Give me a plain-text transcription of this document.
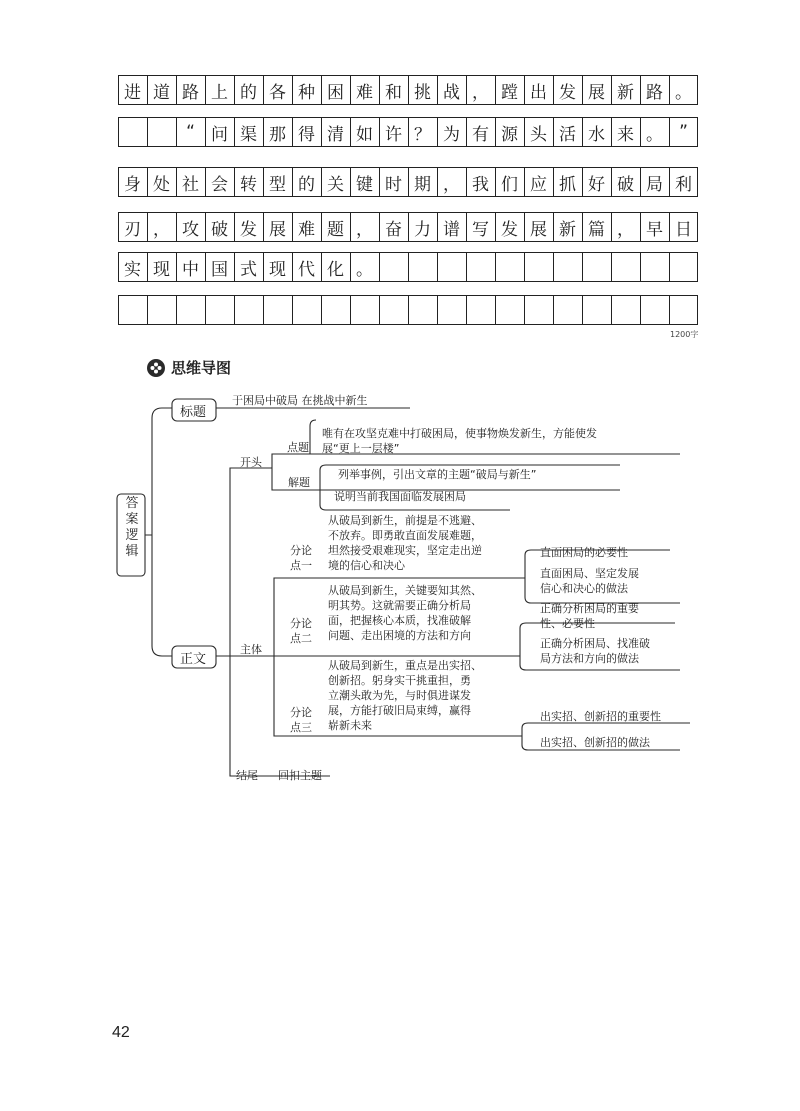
进 道 路 上 的 各 种 困 难 和 挑 战 ， 蹚 出 发 展 新 路 。
“ 问 渠 那 得 清 如 许 ？ 为 有 源 头 活 水 来 。 ”
身 处 社 会 转 型 的 关 键 时 期 ， 我 们 应 抓 好 破 局 利
刃 ， 攻 破 发 展 难 题 ， 奋 力 谱 写 发 展 新 篇 ， 早 日
实 现 中 国 式 现 代 化 。
1200字
思维导图
答案逻辑
标题
于困局中破局 在挑战中新生
正文
开头
点题
唯有在攻坚克难中打破困局，使事物焕发新生，方能使发
展“更上一层楼”
解题
列举事例，引出文章的主题“破局与新生”
说明当前我国面临发展困局
主体
分论
点一
从破局到新生，前提是不逃避、
不放弃。即勇敢直面发展难题，
坦然接受艰难现实，坚定走出逆
境的信心和决心
直面困局的必要性
直面困局、坚定发展
信心和决心的做法
分论
点二
从破局到新生，关键要知其然、
明其势。这就需要正确分析局
面，把握核心本质，找准破解
问题、走出困境的方法和方向
正确分析困局的重要
性、必要性
正确分析困局、找准破
局方法和方向的做法
分论
点三
从破局到新生，重点是出实招、
创新招。躬身实干挑重担，勇
立潮头敢为先，与时俱进谋发
展，方能打破旧局束缚，赢得
崭新未来
出实招、创新招的重要性
出实招、创新招的做法
结尾 回扣主题
42
